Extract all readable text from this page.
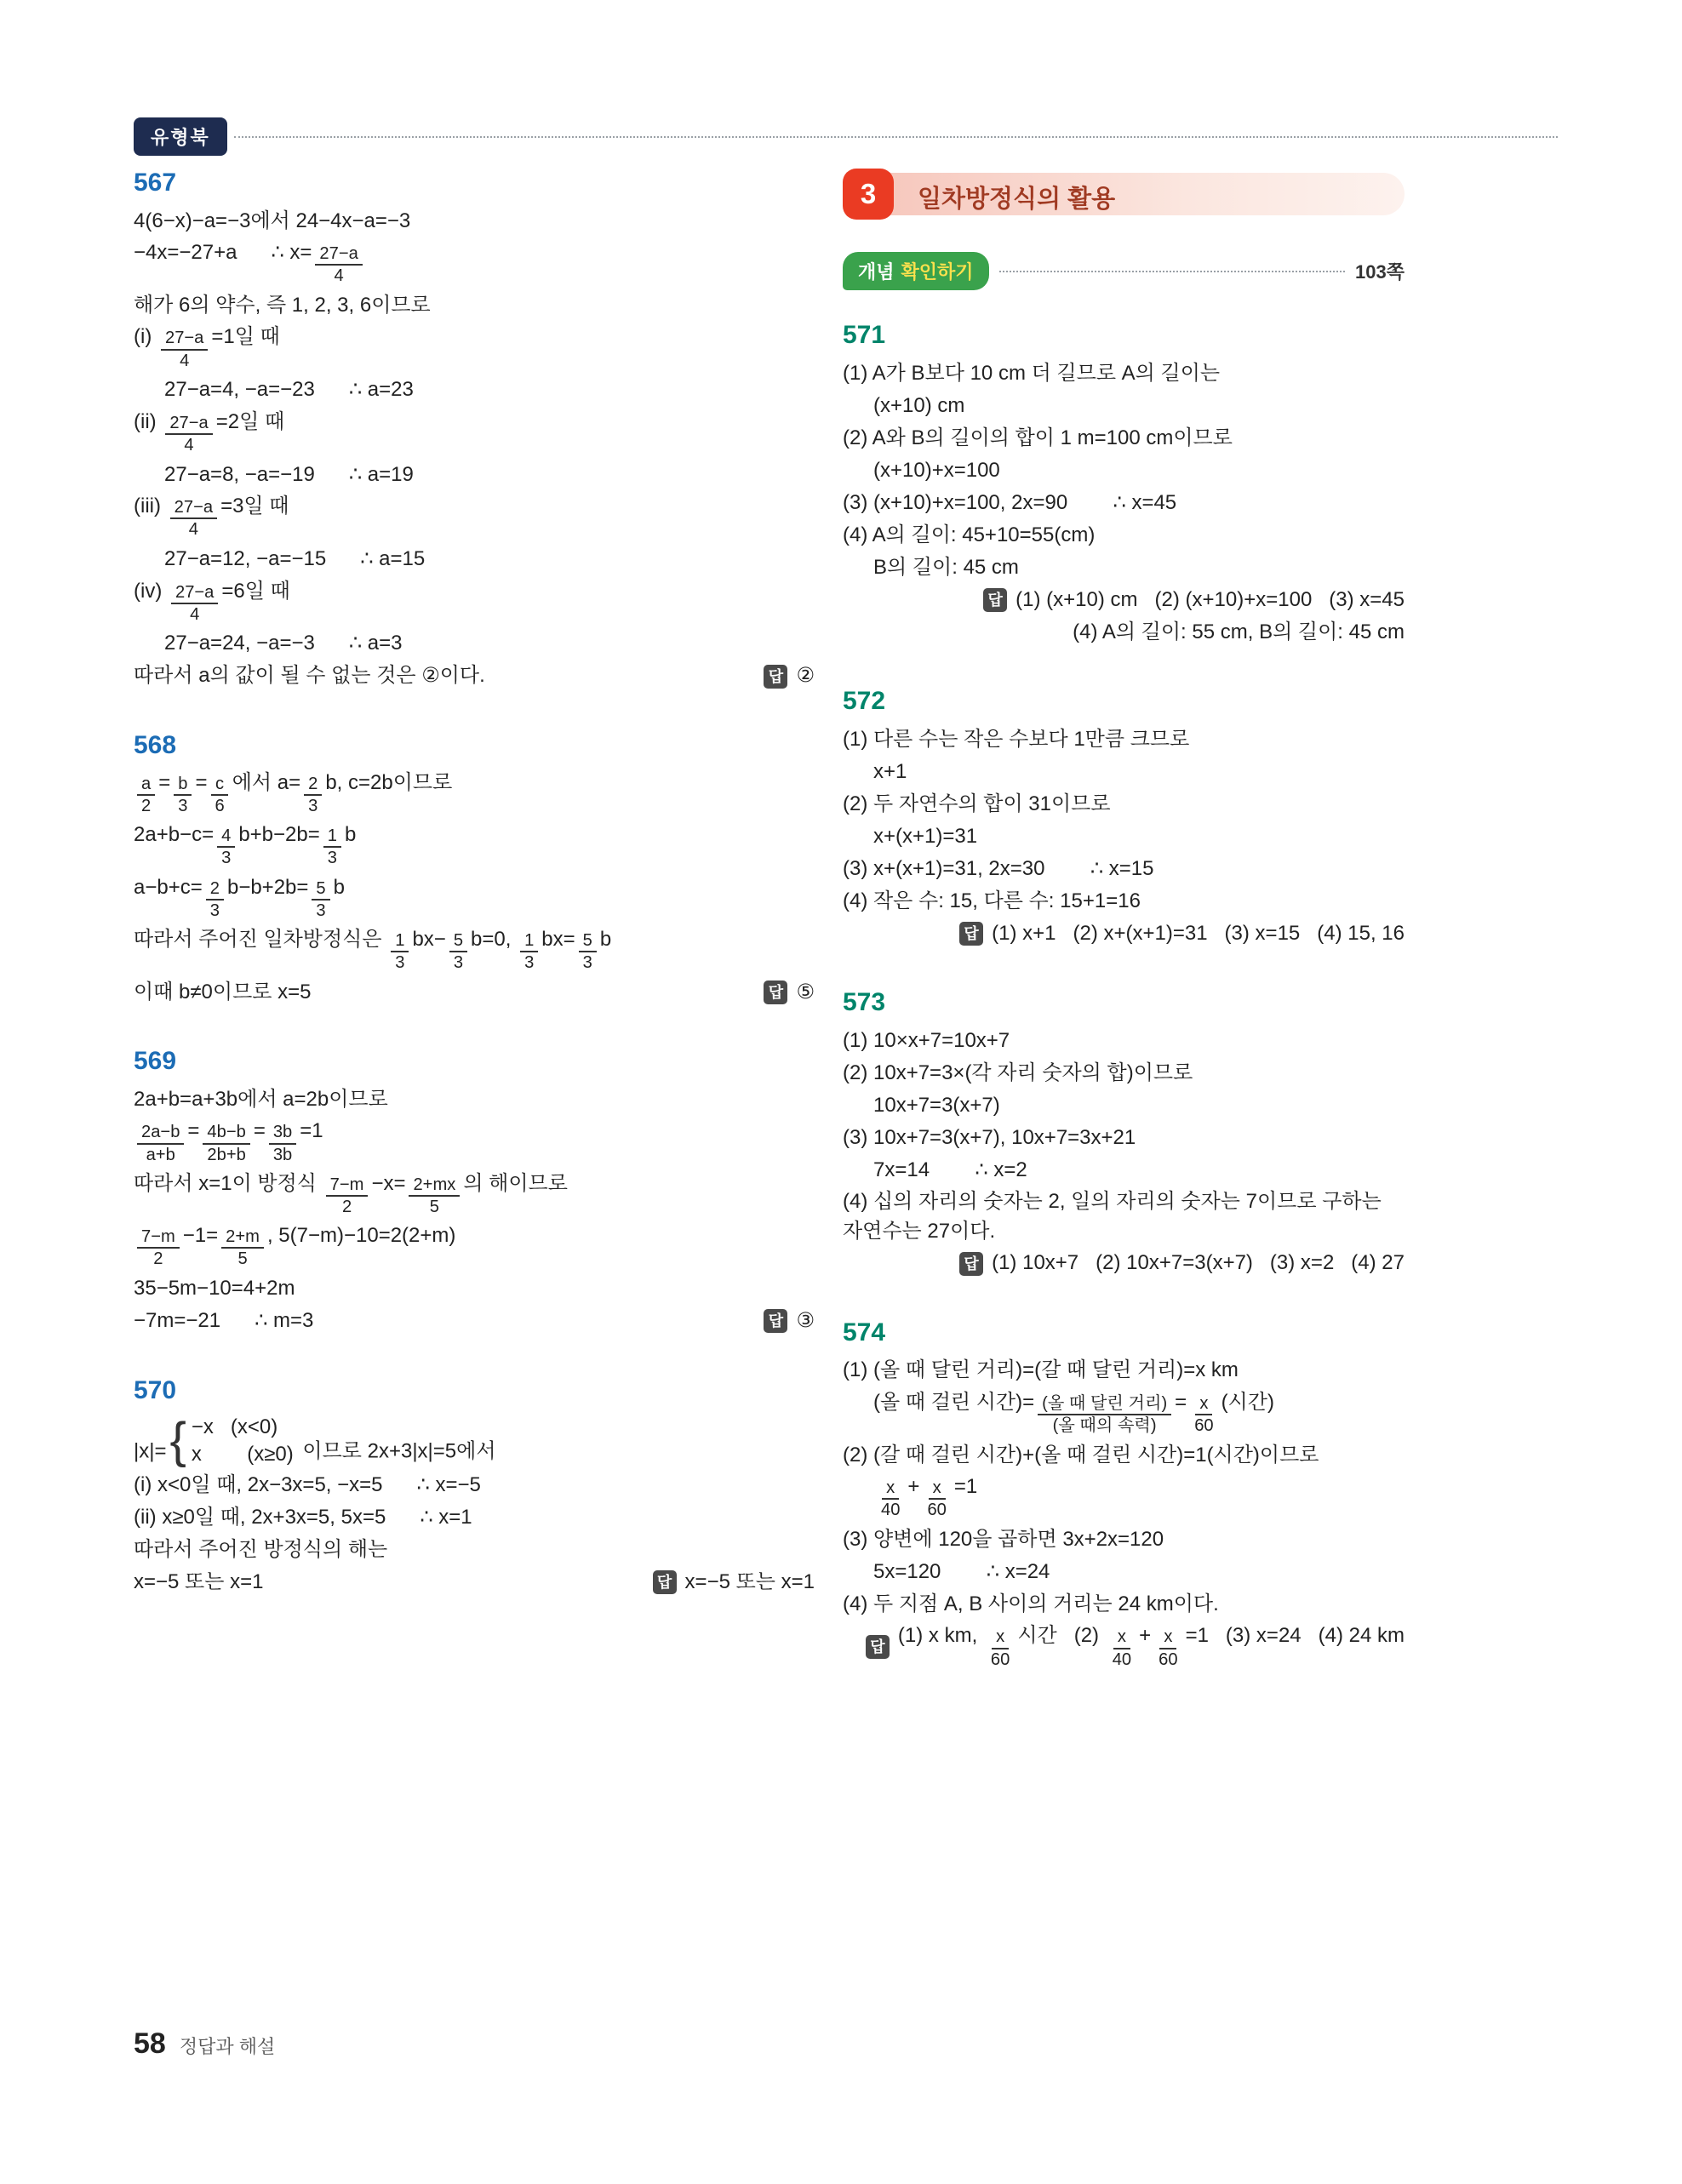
유형북
567
4(6−x)−a=−3에서 24−4x−a=−3
−4x=−27+a      ∴ $x= \frac{27-a}{4}$
해가 6의 약수, 즉 1, 2, 3, 6이므로
$(i) \frac{27-a}{4} =1$일 때
27−a=4, −a=−23      ∴ a=23
$(ii) \frac{27-a}{4} =2$일 때
27−a=8, −a=−19      ∴ a=19
$(iii) \frac{27-a}{4} =3$일 때
27−a=12, −a=−15      ∴ a=15
$(iv) \frac{27-a}{4} =6$일 때
27−a=24, −a=−3      ∴ a=3
따라서 a의 값이 될 수 없는 것은 ②이다.	답 ②
568
$\frac{a}{2} = \frac{b}{3} = \frac{c}{6}$ 에서 $a= \frac{2}{3} b$, c=2b이므로
$2a+b-c= \frac{4}{3} b+b-2b= \frac{1}{3}$ b
$a-b+c= \frac{2}{3} b-b+2b= \frac{5}{3}$ b
따라서 주어진 일차방정식은 $\frac{1}{3} bx- \frac{5}{3} b=0$, $\frac{1}{3} bx= \frac{5}{3}$ b
이때 b≠0이므로 x=5	답 ⑤
569
2a+b=a+3b에서 a=2b이므로
$\frac{2a-b}{a+b} = \frac{4b-b}{2b+b} = \frac{3b}{3b} =1$
따라서 x=1이 방정식 $\frac{7-m}{2} -x= \frac{2+mx}{5}$ 의 해이므로
$\frac{7-m}{2} -1= \frac{2+m}{5}$ , 5(7−m)−10=2(2+m)
35−5m−10=4+2m
−7m=−21      ∴ m=3	답 ③
570
|x|= { −x   (x<0)
x        (x≥0) 이므로 2x+3|x|=5에서
(i) x<0일 때, 2x−3x=5, −x=5      ∴ x=−5
(ii) x≥0일 때, 2x+3x=5, 5x=5      ∴ x=1
따라서 주어진 방정식의 해는
x=−5 또는 x=1	답 x=−5 또는 x=1
3	일차방정식의 활용
개념 확인하기	103쪽
571
(1) A가 B보다 10 cm 더 길므로 A의 길이는
(x+10) cm
(2) A와 B의 길이의 합이 1 m=100 cm이므로
(x+10)+x=100
(3) (x+10)+x=100, 2x=90        ∴ x=45
(4) A의 길이: 45+10=55(cm)
B의 길이: 45 cm
답 (1) (x+10) cm   (2) (x+10)+x=100   (3) x=45
(4) A의 길이: 55 cm, B의 길이: 45 cm
572
(1) 다른 수는 작은 수보다 1만큼 크므로
x+1
(2) 두 자연수의 합이 31이므로
x+(x+1)=31
(3) x+(x+1)=31, 2x=30        ∴ x=15
(4) 작은 수: 15, 다른 수: 15+1=16
답 (1) x+1   (2) x+(x+1)=31   (3) x=15   (4) 15, 16
573
(1) 10×x+7=10x+7
(2) 10x+7=3×(각 자리 숫자의 합)이므로
10x+7=3(x+7)
(3) 10x+7=3(x+7), 10x+7=3x+21
7x=14        ∴ x=2
(4) 십의 자리의 숫자는 2, 일의 자리의 숫자는 7이므로 구하는 자연수는 27이다.
답 (1) 10x+7   (2) 10x+7=3(x+7)   (3) x=2   (4) 27
574
(1) (올 때 달린 거리)=(갈 때 달린 거리)=x km
(올 때 걸린 시간)= $\frac{\text{(올 때 달린 거리)}}{\text{(올 때의 속력)}} = \frac{x}{60}$ (시간)
(2) (갈 때 걸린 시간)+(올 때 걸린 시간)=1(시간)이므로
$\frac{x}{40} + \frac{x}{60} =1$
(3) 양변에 120을 곱하면 3x+2x=120
5x=120        ∴ x=24
(4) 두 지점 A, B 사이의 거리는 24 km이다.
답 (1) x km, $\frac{x}{60}$ 시간   $(2) \frac{x}{40} + \frac{x}{60} =1$   (3) x=24   (4) 24 km
58 정답과 해설
